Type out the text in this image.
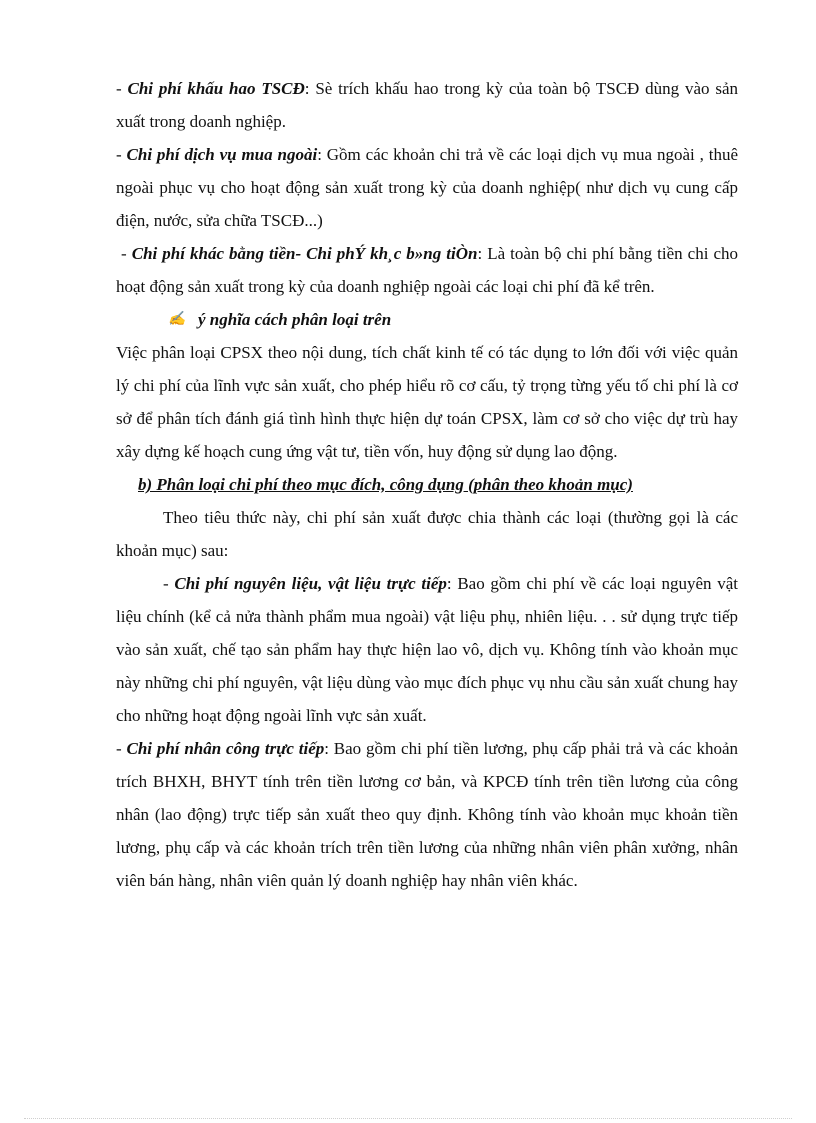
- Chi phí khấu hao TSCĐ: Sè trích khấu hao trong kỳ của toàn bộ TSCĐ dùng vào sản xuất trong doanh nghiệp.

- Chi phí dịch vụ mua ngoài: Gồm các khoản chi trả về các loại dịch vụ mua ngoài , thuê ngoài phục vụ cho hoạt động sản xuất trong kỳ của doanh nghiệp( như dịch vụ cung cấp điện, nước, sửa chữa TSCĐ...)

- Chi phí khác bằng tiền- Chi phÝ kh¸c b»ng tiÒn: Là toàn bộ chi phí bằng tiền chi cho hoạt động sản xuất trong kỳ của doanh nghiệp ngoài các loại chi phí đã kể trên.

✍ ý nghĩa cách phân loại trên

Việc phân loại CPSX theo nội dung, tích chất kinh tế có tác dụng to lớn đối với việc quản lý chi phí của lĩnh vực sản xuất, cho phép hiểu rõ cơ cấu, tỷ trọng từng yếu tố chi phí là cơ sở để phân tích đánh giá tình hình thực hiện dự toán CPSX, làm cơ sở cho việc dự trù hay xây dựng kế hoạch cung ứng vật tư, tiền vốn, huy động sử dụng lao động.

b) Phân loại chi phí theo mục đích, công dụng (phân theo khoản mục)

Theo tiêu thức này, chi phí sản xuất được chia thành các loại (thường gọi là các khoản mục) sau:

- Chi phí nguyên liệu, vật liệu trực tiếp: Bao gồm chi phí về các loại nguyên vật liệu chính (kể cả nửa thành phẩm mua ngoài) vật liệu phụ, nhiên liệu. . . sử dụng trực tiếp vào sản xuất, chế tạo sản phẩm hay thực hiện lao vô, dịch vụ. Không tính vào khoản mục này những chi phí nguyên, vật liệu dùng vào mục đích phục vụ nhu cầu sản xuất chung hay cho những hoạt động ngoài lĩnh vực sản xuất.

- Chi phí nhân công trực tiếp: Bao gồm chi phí tiền lương, phụ cấp phải trả và các khoản trích BHXH, BHYT tính trên tiền lương cơ bản, và KPCĐ tính trên tiền lương của công nhân (lao động) trực tiếp sản xuất theo quy định. Không tính vào khoản mục khoản tiền lương, phụ cấp và các khoản trích trên tiền lương của những nhân viên phân xưởng, nhân viên bán hàng, nhân viên quản lý doanh nghiệp hay nhân viên khác.
